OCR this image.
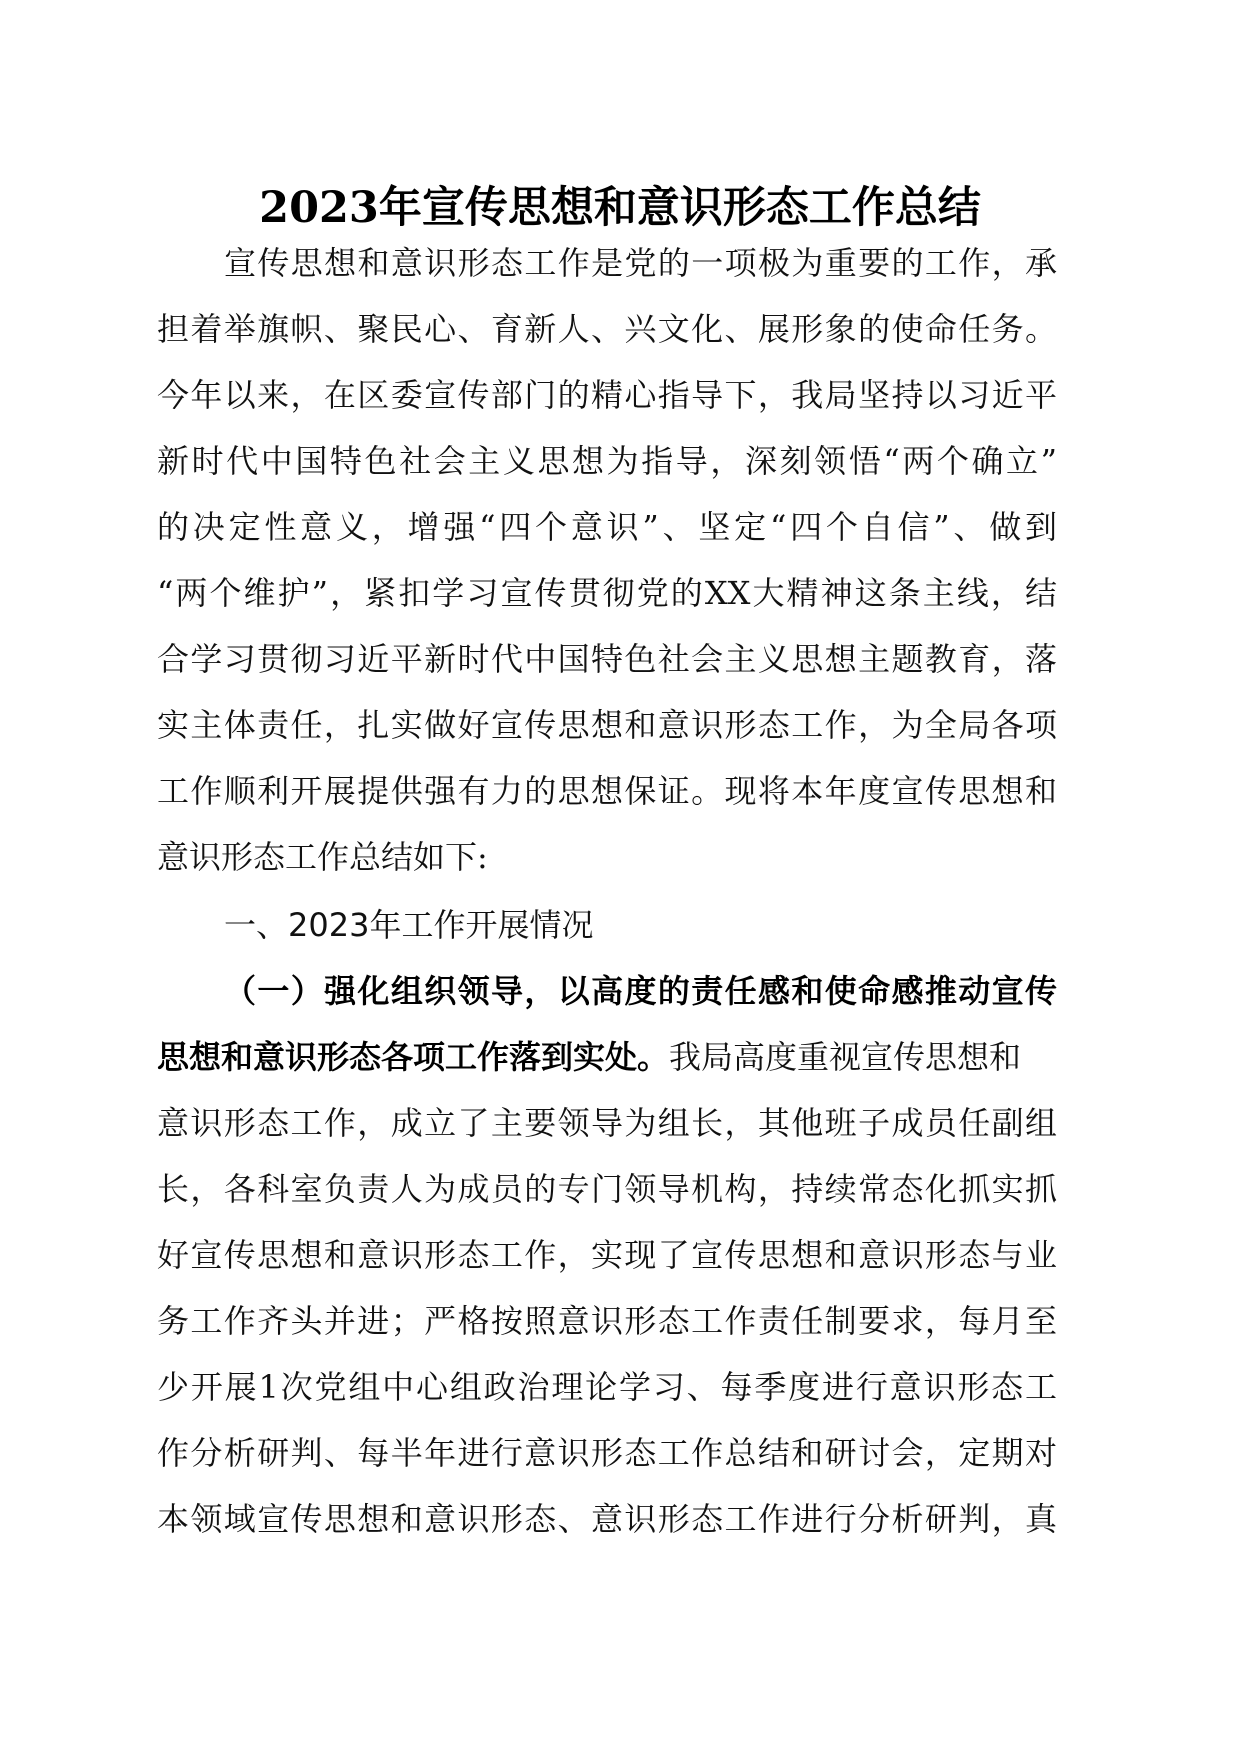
2023年宣传思想和意识形态工作总结
宣传思想和意识形态工作是党的一项极为重要的工作，承
担着举旗帜、聚民心、育新人、兴文化、展形象的使命任务。
今年以来，在区委宣传部门的精心指导下，我局坚持以习近平
新时代中国特色社会主义思想为指导，深刻领悟“两个确立”
的决定性意义，增强“四个意识”、坚定“四个自信”、做到
“两个维护”，紧扣学习宣传贯彻党的XX大精神这条主线，结
合学习贯彻习近平新时代中国特色社会主义思想主题教育，落
实主体责任，扎实做好宣传思想和意识形态工作，为全局各项
工作顺利开展提供强有力的思想保证。现将本年度宣传思想和
意识形态工作总结如下:
一、2023年工作开展情况
（一）强化组织领导，以高度的责任感和使命感推动宣传
思想和意识形态各项工作落到实处。我局高度重视宣传思想和
意识形态工作，成立了主要领导为组长，其他班子成员任副组
长，各科室负责人为成员的专门领导机构，持续常态化抓实抓
好宣传思想和意识形态工作，实现了宣传思想和意识形态与业
务工作齐头并进；严格按照意识形态工作责任制要求，每月至
少开展1次党组中心组政治理论学习、每季度进行意识形态工
作分析研判、每半年进行意识形态工作总结和研讨会，定期对
本领域宣传思想和意识形态、意识形态工作进行分析研判，真
